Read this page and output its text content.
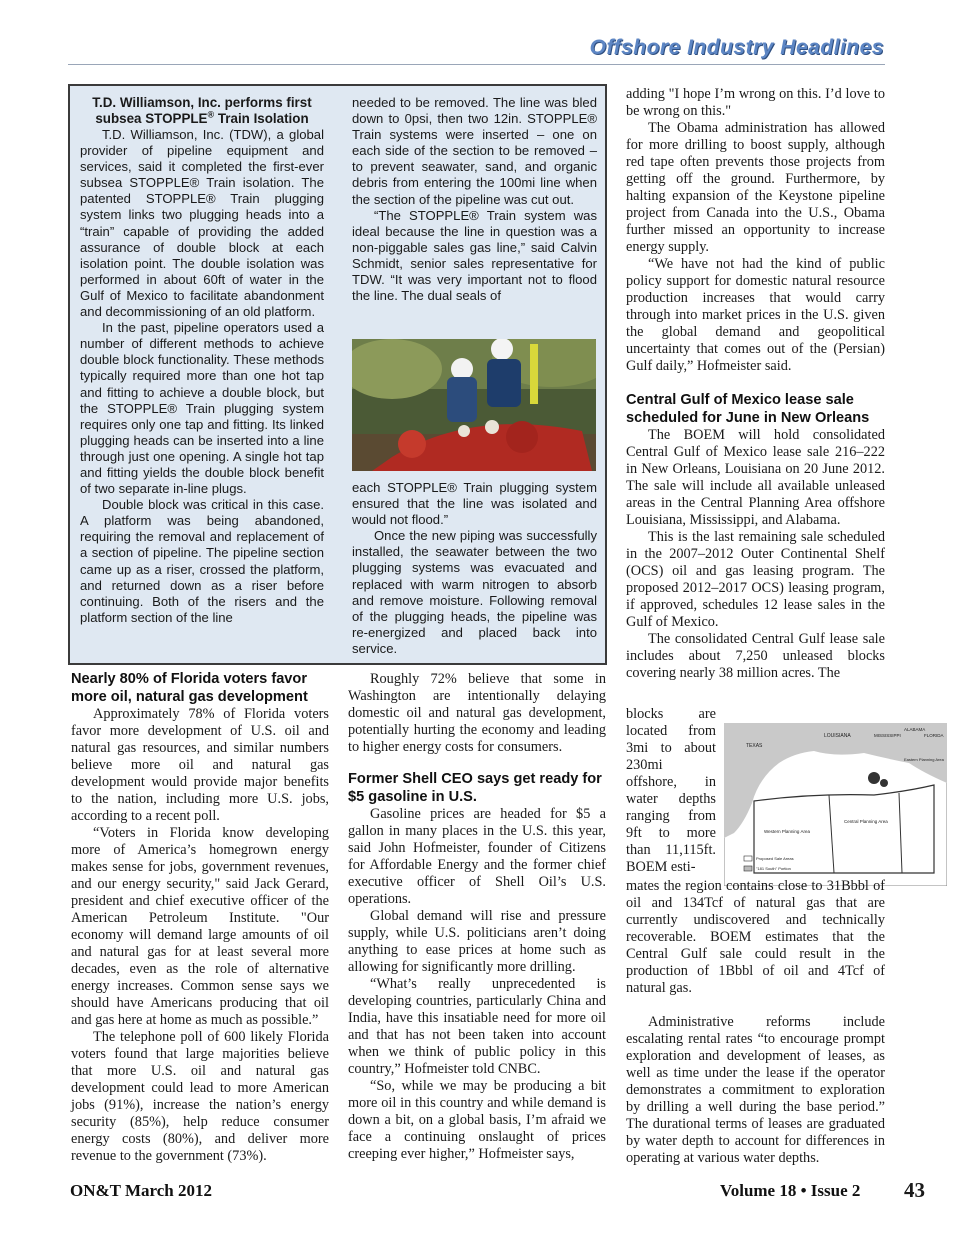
Offshore Industry Headlines
T.D. Williamson, Inc. performs first
subsea STOPPLE® Train Isolation

T.D. Williamson, Inc. (TDW), a global provider of pipeline equipment and services, said it completed the first-ever subsea STOPPLE® Train isolation. The patented STOPPLE® Train plugging system links two plugging heads into a “train” capable of providing the added assurance of double block at each isolation point. The double isolation was performed in about 60ft of water in the Gulf of Mexico to facilitate abandonment and decommissioning of an old platform.

In the past, pipeline operators used a number of different methods to achieve double block functionality. These methods typically required more than one hot tap and fitting to achieve a double block, but the STOPPLE® Train plugging system requires only one tap and fitting. Its linked plugging heads can be inserted into a line through just one opening. A single hot tap and fitting yields the double block benefit of two separate in-line plugs.

Double block was critical in this case. A platform was being abandoned, requiring the removal and replacement of a section of pipeline. The pipeline section came up as a riser, crossed the platform, and returned down as a riser before continuing. Both of the risers and the platform section of the line

needed to be removed. The line was bled down to 0psi, then two 12in. STOPPLE® Train systems were inserted – one on each side of the section to be removed – to prevent seawater, sand, and organic debris from entering the 100mi line when the section of the pipeline was cut out.

“The STOPPLE® Train system was ideal because the line in question was a non-piggable sales gas line,” said Calvin Schmidt, senior sales representative for TDW. “It was very important not to flood the line. The dual seals of

each STOPPLE® Train plugging system ensured that the line was isolated and would not flood.”

Once the new piping was successfully installed, the seawater between the two plugging systems was evacuated and replaced with warm nitrogen to absorb and remove moisture. Following removal of the plugging heads, the pipeline was re-energized and placed back into service.

Nearly 80% of Florida voters favor more oil, natural gas development

Approximately 78% of Florida voters favor more development of U.S. oil and natural gas resources, and similar numbers believe more oil and natural gas development would provide major benefits to the nation, including more U.S. jobs, according to a recent poll.

“Voters in Florida know developing more of America’s homegrown energy makes sense for jobs, government revenues, and our energy security," said Jack Gerard, president and chief executive officer of the American Petroleum Institute. "Our economy will demand large amounts of oil and natural gas for at least several more decades, even as the role of alternative energy increases. Common sense says we should have Americans producing that oil and gas here at home as much as possible.”

The telephone poll of 600 likely Florida voters found that large majorities believe that more U.S. oil and natural gas development could lead to more American jobs (91%), increase the nation’s energy security (85%), help reduce consumer energy costs (80%), and deliver more revenue to the government (73%).

Roughly 72% believe that some in Washington are intentionally delaying domestic oil and natural gas development, potentially hurting the economy and leading to higher energy costs for consumers.

Former Shell CEO says get ready for $5 gasoline in U.S.

Gasoline prices are headed for $5 a gallon in many places in the U.S. this year, said John Hofmeister, founder of Citizens for Affordable Energy and the former chief executive officer of Shell Oil’s U.S. operations.

Global demand will rise and pressure supply, while U.S. politicians aren’t doing anything to ease prices at home such as allowing for significantly more drilling.

“What’s really unprecedented is developing countries, particularly China and India, have this insatiable need for more oil and that has not been taken into account when we think of public policy in this country,” Hofmeister told CNBC.

“So, while we may be producing a bit more oil in this country and while demand is down a bit, on a global basis, I’m afraid we face a continuing onslaught of prices creeping ever higher,” Hofmeister says,

adding "I hope I’m wrong on this. I’d love to be wrong on this."

The Obama administration has allowed for more drilling to boost supply, although red tape often prevents those projects from getting off the ground. Furthermore, by halting expansion of the Keystone pipeline project from Canada into the U.S., Obama further missed an opportunity to increase energy supply.

“We have not had the kind of public policy support for domestic natural resource production increases that would carry through into market prices in the U.S. given the global demand and geopolitical uncertainty that comes out of the (Persian) Gulf daily,” Hofmeister said.

Central Gulf of Mexico lease sale scheduled for June in New Orleans

The BOEM will hold consolidated Central Gulf of Mexico lease sale 216–222 in New Orleans, Louisiana on 20 June 2012. The sale will include all available unleased areas in the Central Planning Area offshore Louisiana, Mississippi, and Alabama.

This is the last remaining sale scheduled in the 2007–2012 Outer Continental Shelf (OCS) oil and gas leasing program. The proposed 2012–2017 OCS) leasing program, if approved, schedules 12 lease sales in the Gulf of Mexico.

The consolidated Central Gulf lease sale includes about 7,250 unleased blocks covering nearly 38 million acres. The

blocks are located from 3mi to about 230mi offshore, in water depths ranging from 9ft to more than 11,115ft. BOEM esti-

LOUISIANA	MISSISSIPPI
ALABAMA
FLORIDA
TEXAS
Eastern Planning Area
Western Planning Area
Central Planning Area
Proposed Sale Areas
"181 South" Portion

mates the region contains close to 31Bbbl of oil and 134Tcf of natural gas that are currently undiscovered and technically recoverable. BOEM estimates that the Central Gulf sale could result in the production of 1Bbbl of oil and 4Tcf of natural gas.

Administrative reforms include escalating rental rates “to encourage prompt exploration and development of leases, as well as time under the lease if the operator demonstrates a commitment to exploration by drilling a well during the base period.” The durational terms of leases are graduated by water depth to account for differences in operating at various water depths.

ON&T March 2012	Volume 18 • Issue 2 43
